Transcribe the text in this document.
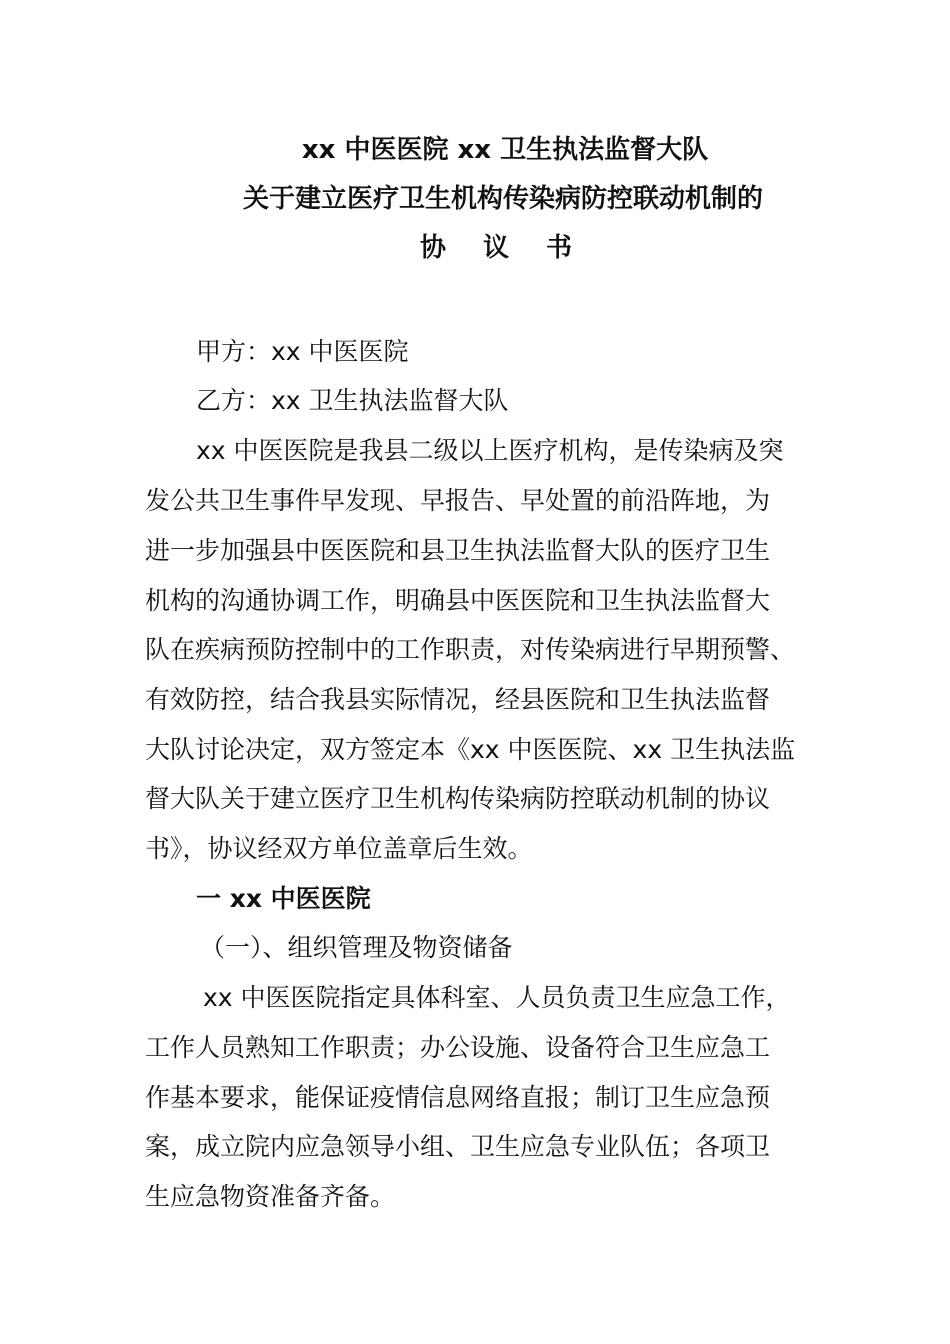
xx 中医医院 xx 卫生执法监督大队
关于建立医疗卫生机构传染病防控联动机制的
协 议 书
甲方：xx 中医医院
乙方：xx 卫生执法监督大队
xx 中医医院是我县二级以上医疗机构，是传染病及突
发公共卫生事件早发现、早报告、早处置的前沿阵地，为
进一步加强县中医医院和县卫生执法监督大队的医疗卫生
机构的沟通协调工作，明确县中医医院和卫生执法监督大
队在疾病预防控制中的工作职责，对传染病进行早期预警、
有效防控，结合我县实际情况，经县医院和卫生执法监督
大队讨论决定，双方签定本《xx 中医医院、xx 卫生执法监
督大队关于建立医疗卫生机构传染病防控联动机制的协议
书》，协议经双方单位盖章后生效。
一 xx 中医医院
（一）、组织管理及物资储备
xx 中医医院指定具体科室、人员负责卫生应急工作，
工作人员熟知工作职责；办公设施、设备符合卫生应急工
作基本要求，能保证疫情信息网络直报；制订卫生应急预
案，成立院内应急领导小组、卫生应急专业队伍；各项卫
生应急物资准备齐备。
